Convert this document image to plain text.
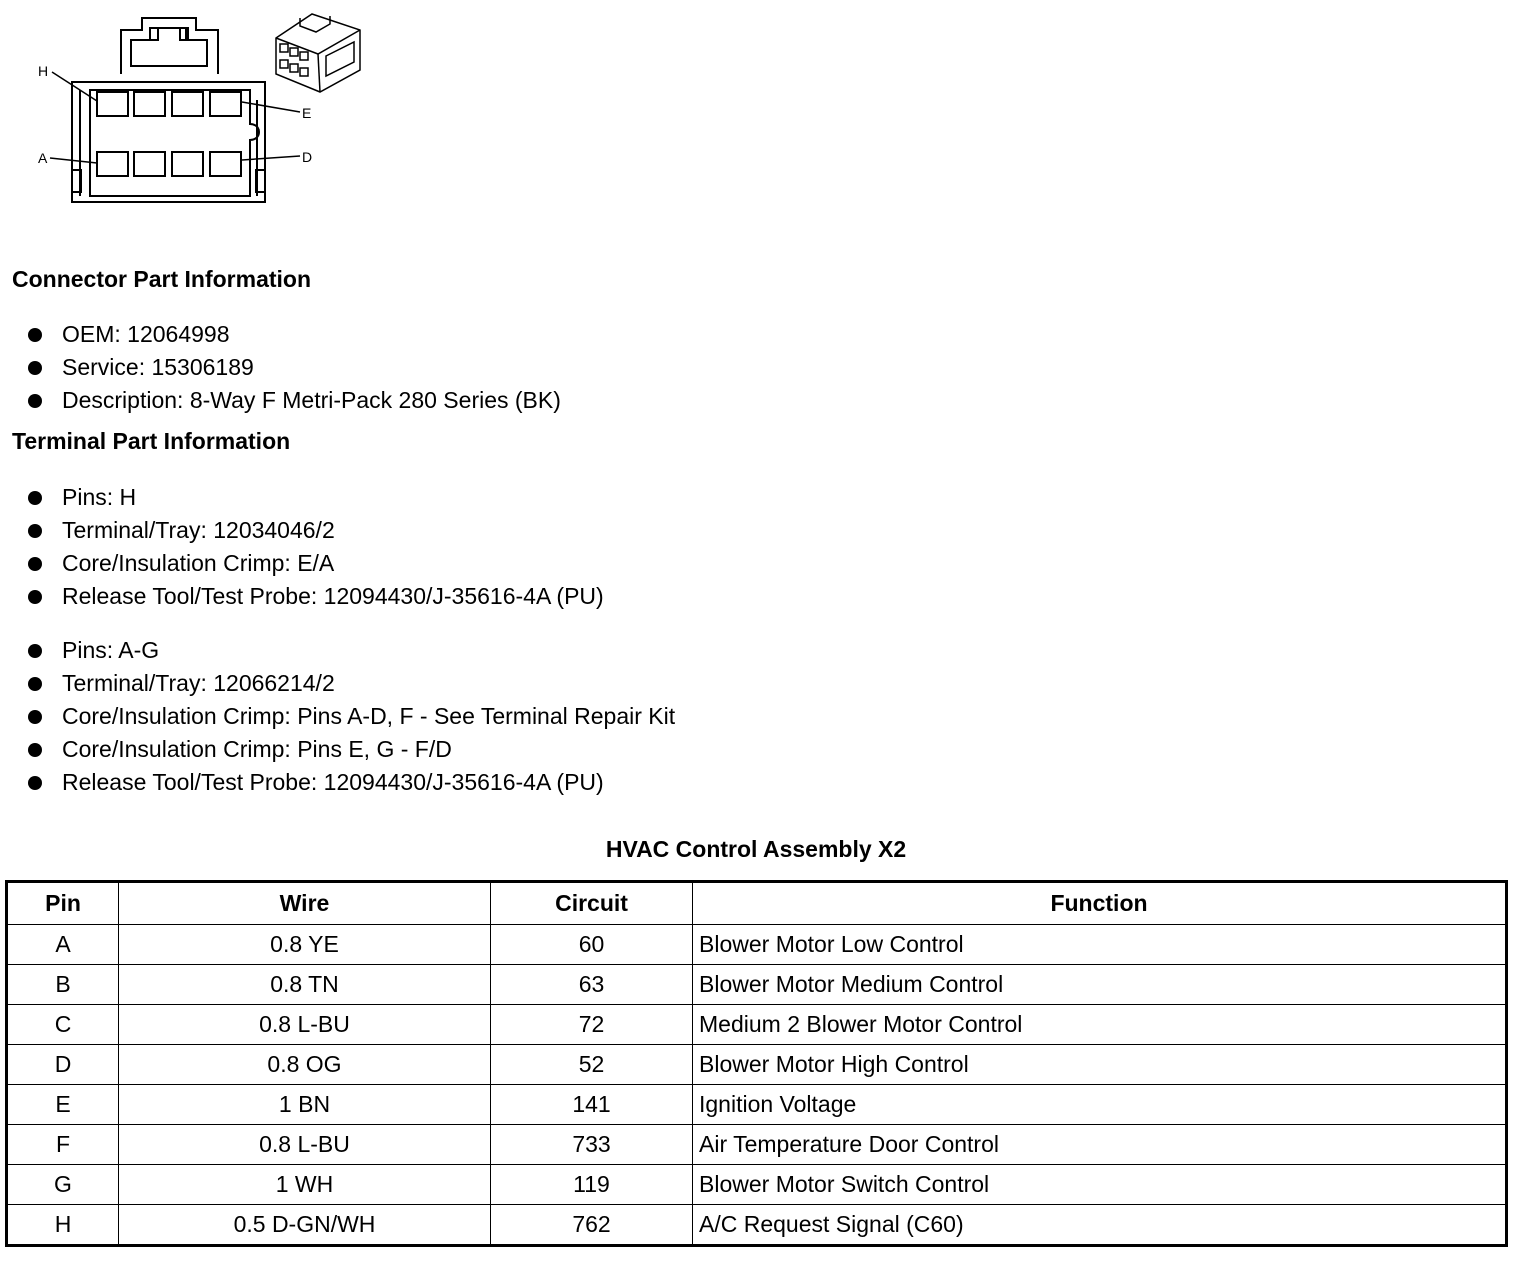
H
E
A	D
Connector Part Information
OEM: 12064998
Service: 15306189
Description: 8-Way F Metri-Pack 280 Series (BK)
Terminal Part Information
Pins: H
Terminal/Tray: 12034046/2
Core/Insulation Crimp: E/A
Release Tool/Test Probe: 12094430/J-35616-4A (PU)
Pins: A-G
Terminal/Tray: 12066214/2
Core/Insulation Crimp: Pins A-D, F - See Terminal Repair Kit
Core/Insulation Crimp: Pins E, G - F/D
Release Tool/Test Probe: 12094430/J-35616-4A (PU)
HVAC Control Assembly X2
Pin	Wire	Circuit	Function
A	0.8 YE	60	Blower Motor Low Control
B	0.8 TN	63	Blower Motor Medium Control
C	0.8 L-BU	72	Medium 2 Blower Motor Control
D	0.8 OG	52	Blower Motor High Control
E	1 BN	141	Ignition Voltage
F	0.8 L-BU	733	Air Temperature Door Control
G	1 WH	119	Blower Motor Switch Control
H	0.5 D-GN/WH	762	A/C Request Signal (C60)
